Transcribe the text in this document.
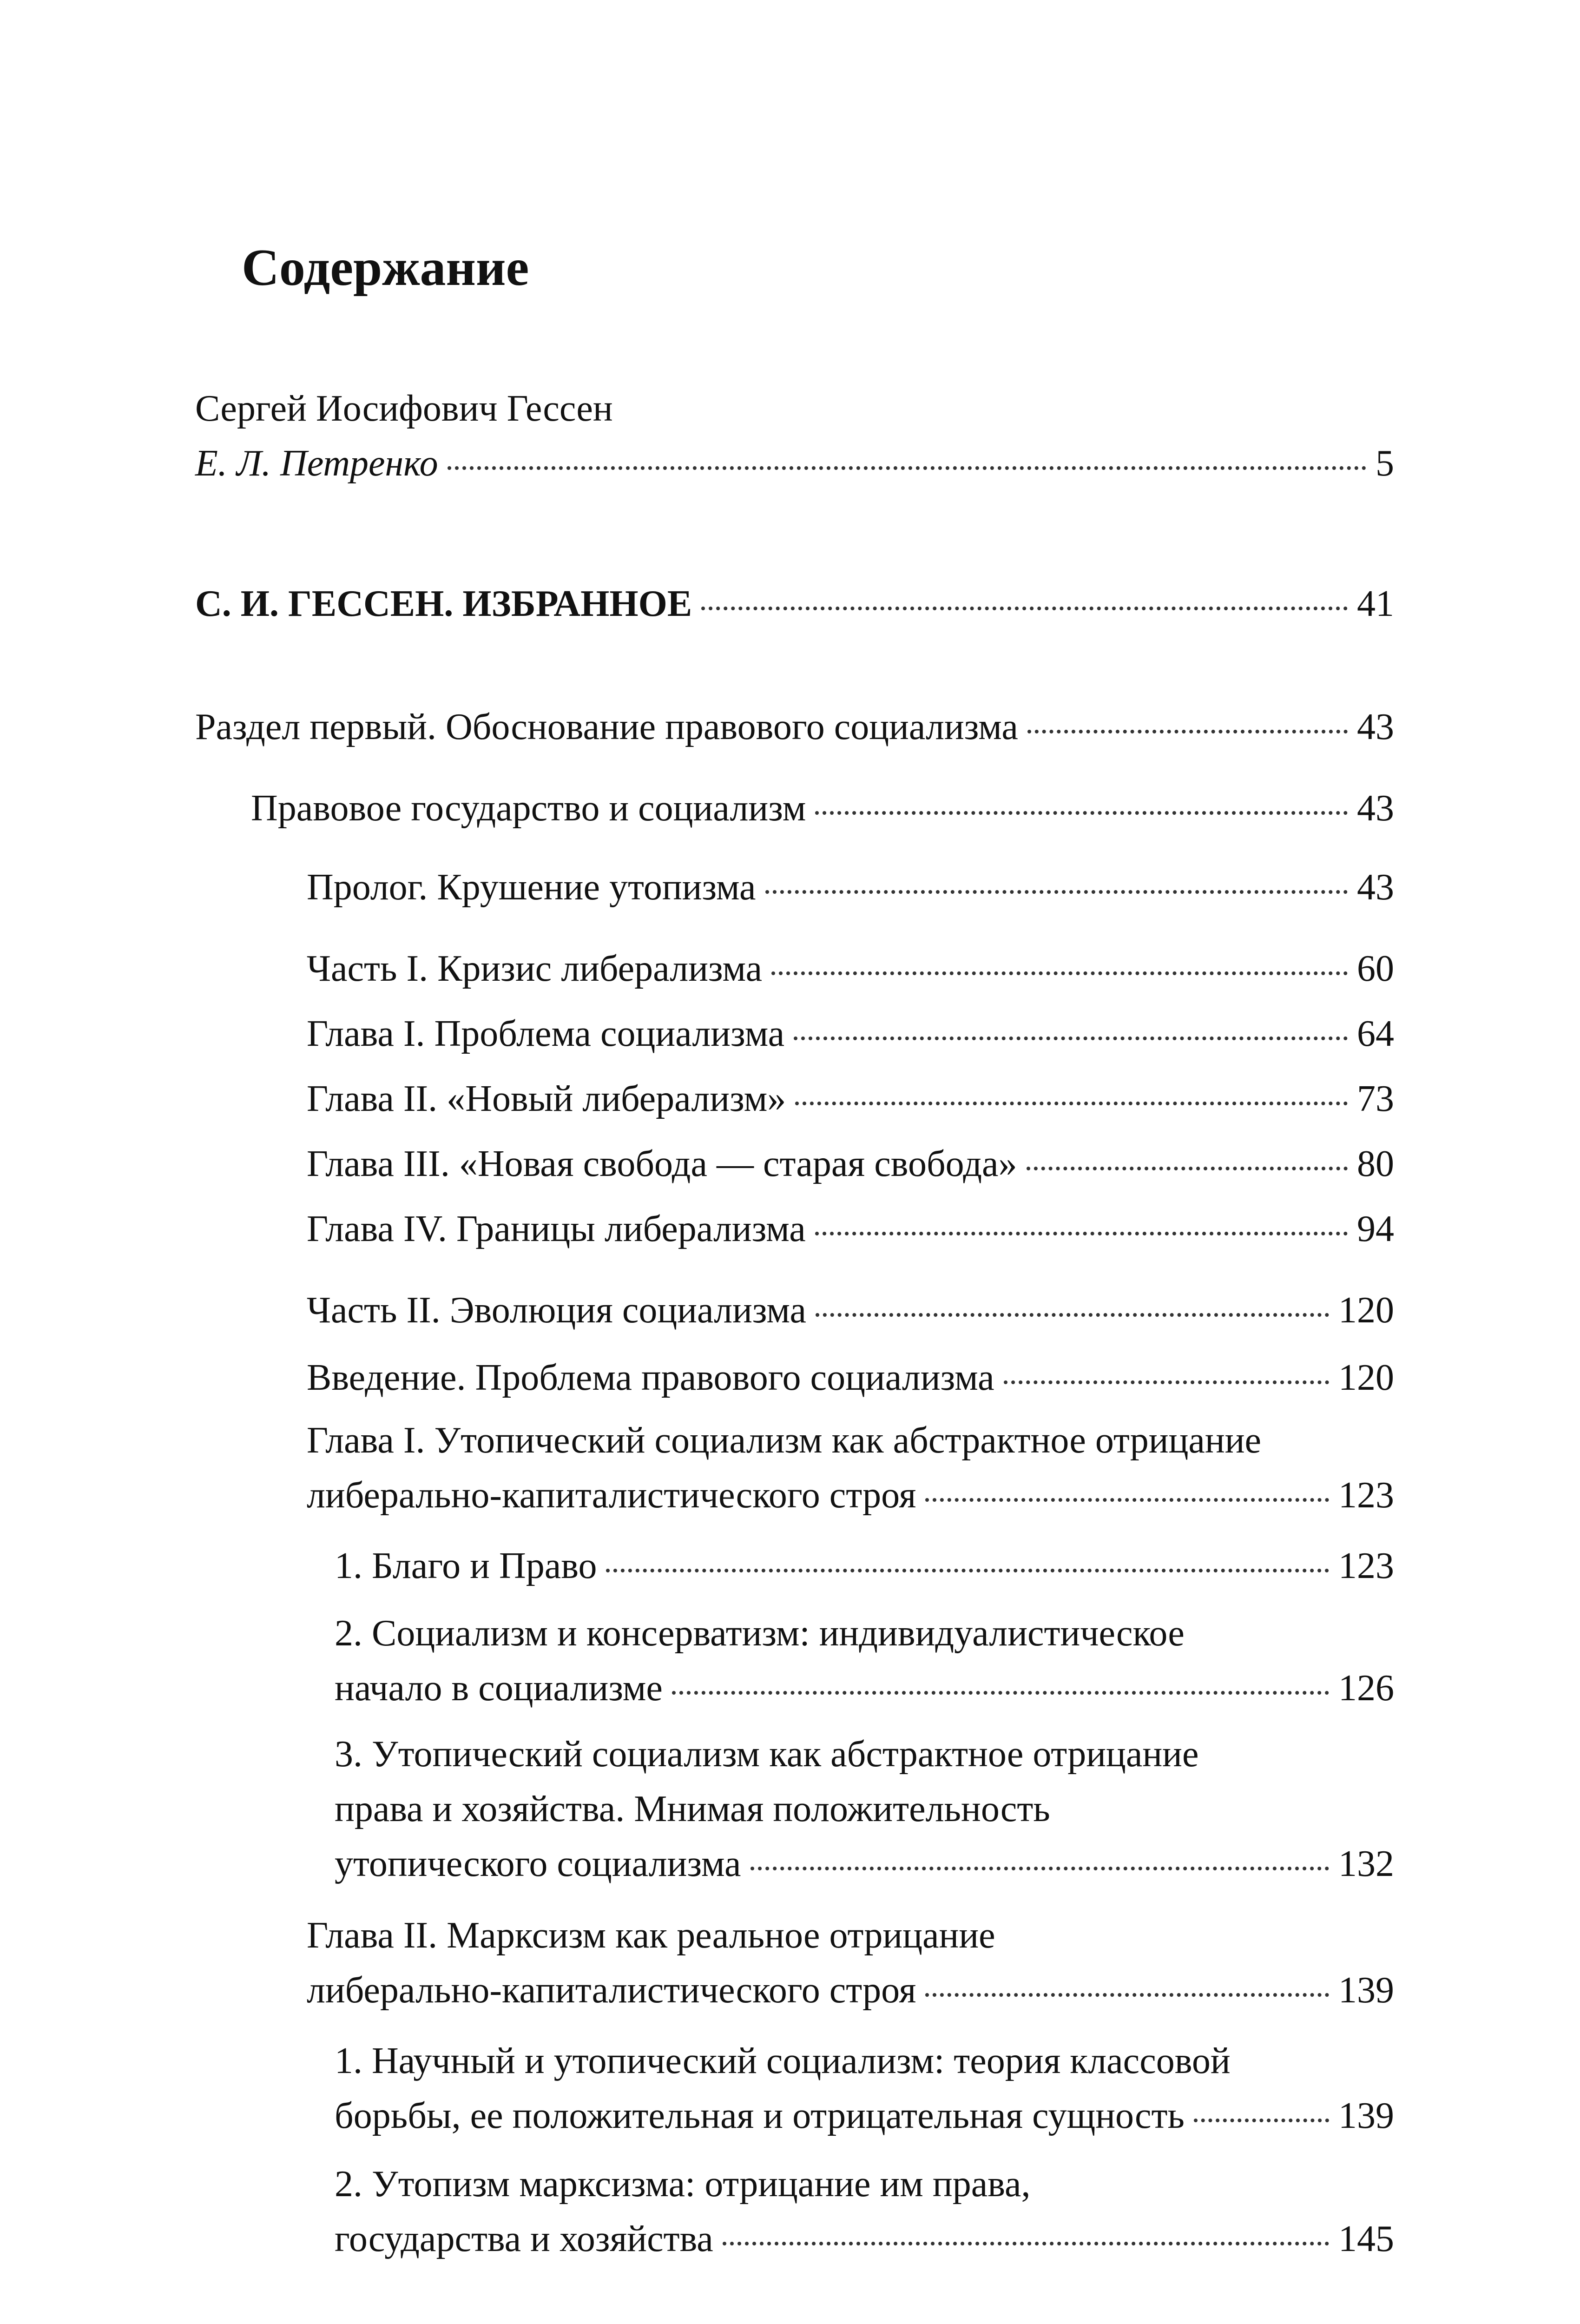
Содержание
Сергей Иосифович Гессен
Е. Л. Петренко	5
С. И. ГЕССЕН. ИЗБРАННОЕ	41
Раздел первый. Обоснование правового социализма	43
Правовое государство и социализм	43
Пролог. Крушение утопизма	43
Часть I. Кризис либерализма	60
Глава I. Проблема социализма	64
Глава II. «Новый либерализм»	73
Глава III. «Новая свобода — старая свобода»	80
Глава IV. Границы либерализма	94
Часть II. Эволюция социализма	120
Введение. Проблема правового социализма	120
Глава I. Утопический социализм как абстрактное отрицание
либерально-капиталистического строя	123
1. Благо и Право	123
2. Социализм и консерватизм: индивидуалистическое
начало в социализме	126
3. Утопический социализм как абстрактное отрицание
права и хозяйства. Мнимая положительность
утопического социализма	132
Глава II. Марксизм как реальное отрицание
либерально-капиталистического строя	139
1. Научный и утопический социализм: теория классовой
борьбы, ее положительная и отрицательная сущность	139
2. Утопизм марксизма: отрицание им права,
государства и хозяйства	145
